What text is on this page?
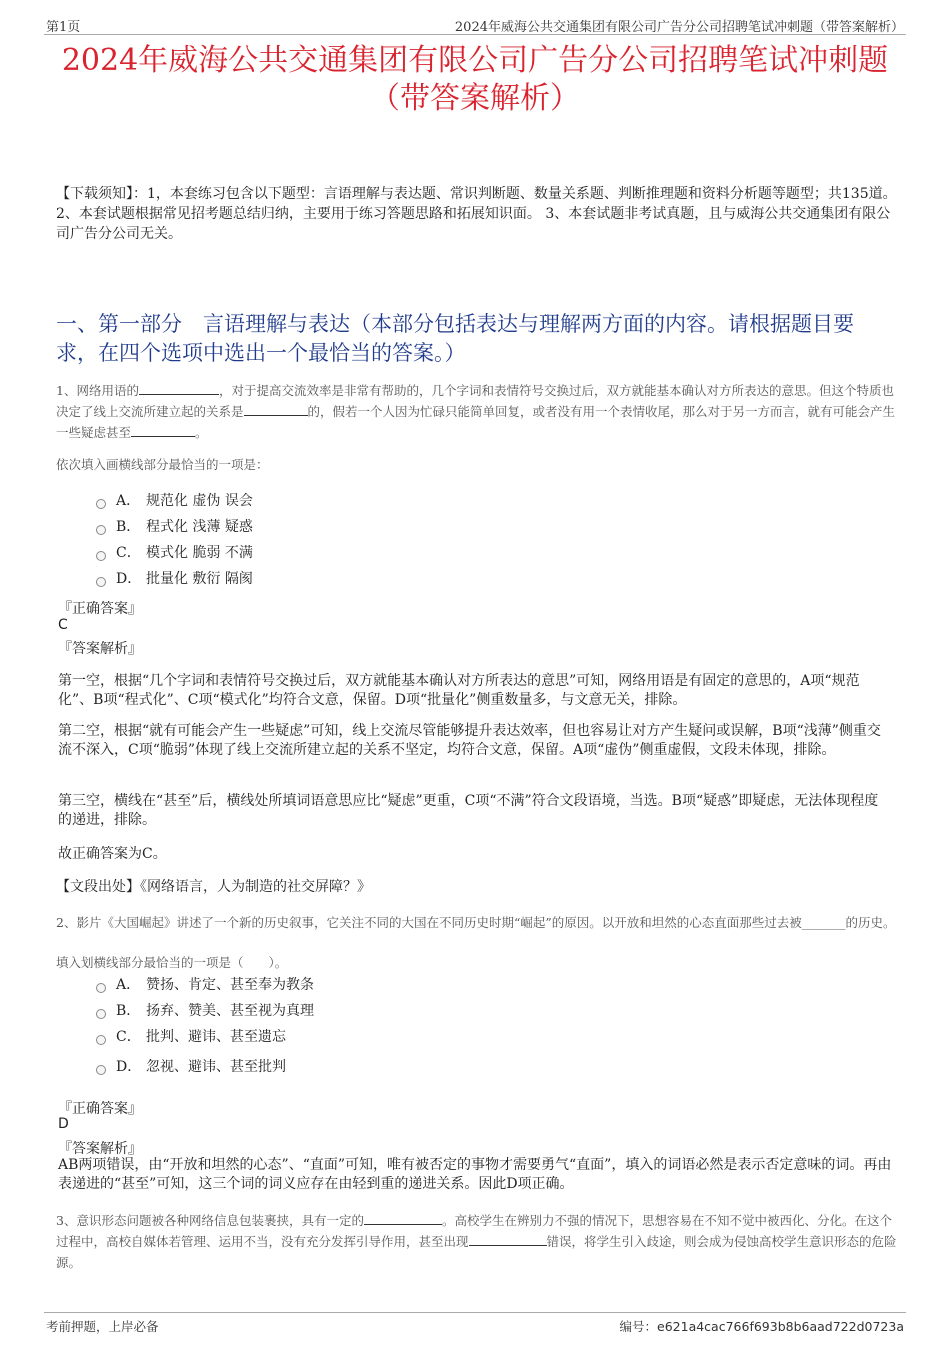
第1页	2024年威海公共交通集团有限公司广告分公司招聘笔试冲刺题（带答案解析）
2024年威海公共交通集团有限公司广告分公司招聘笔试冲刺题
（带答案解析）
【下载须知】：1，本套练习包含以下题型：言语理解与表达题、常识判断题、数量关系题、判断推理题和资料分析题等题型；共135道。 2、本套试题根据常见招考题总结归纳，主要用于练习答题思路和拓展知识面。 3、本套试题非考试真题，且与威海公共交通集团有限公司广告分公司无关。
一、第一部分　言语理解与表达（本部分包括表达与理解两方面的内容。请根据题目要求，在四个选项中选出一个最恰当的答案。）
1、网络用语的	，对于提高交流效率是非常有帮助的，几个字词和表情符号交换过后，双方就能基本确认对方所表达的意思。但这个特质也决定了线上交流所建立起的关系是	的，假若一个人因为忙碌只能简单回复，或者没有用一个表情收尾，那么对于另一方而言，就有可能会产生一些疑虑甚至	。
依次填入画横线部分最恰当的一项是：
A． 规范化 虚伪 误会
B． 程式化 浅薄 疑惑
C． 模式化 脆弱 不满
D． 批量化 敷衍 隔阂
『正确答案』
C
『答案解析』
第一空，根据“几个字词和表情符号交换过后，双方就能基本确认对方所表达的意思”可知，网络用语是有固定的意思的，A项“规范化”、B项“程式化”、C项“模式化”均符合文意，保留。D项“批量化”侧重数量多，与文意无关，排除。
第二空，根据“就有可能会产生一些疑虑”可知，线上交流尽管能够提升表达效率，但也容易让对方产生疑问或误解，B项“浅薄”侧重交流不深入，C项“脆弱”体现了线上交流所建立起的关系不坚定，均符合文意，保留。A项“虚伪”侧重虚假，文段未体现，排除。
第三空，横线在“甚至”后，横线处所填词语意思应比“疑虑”更重，C项“不满”符合文段语境，当选。B项“疑惑”即疑虑，无法体现程度的递进，排除。
故正确答案为C。
【文段出处】《网络语言，人为制造的社交屏障？》
2、影片《大国崛起》讲述了一个新的历史叙事，它关注不同的大国在不同历史时期“崛起”的原因。以开放和坦然的心态直面那些过去被_______的历史。
填入划横线部分最恰当的一项是（　　）。
A． 赞扬、肯定、甚至奉为教条
B． 扬弃、赞美、甚至视为真理
C． 批判、避讳、甚至遗忘
D． 忽视、避讳、甚至批判
『正确答案』
D
『答案解析』
AB两项错误，由“开放和坦然的心态”、“直面”可知，唯有被否定的事物才需要勇气“直面”，填入的词语必然是表示否定意味的词。再由表递进的“甚至”可知，这三个词的词义应存在由轻到重的递进关系。因此D项正确。
3、意识形态问题被各种网络信息包装裹挟，具有一定的	。高校学生在辨别力不强的情况下，思想容易在不知不觉中被西化、分化。在这个过程中，高校自媒体若管理、运用不当，没有充分发挥引导作用，甚至出现	错误，将学生引入歧途，则会成为侵蚀高校学生意识形态的危险源。
考前押题，上岸必备	编号：e621a4cac766f693b8b6aad722d0723a
